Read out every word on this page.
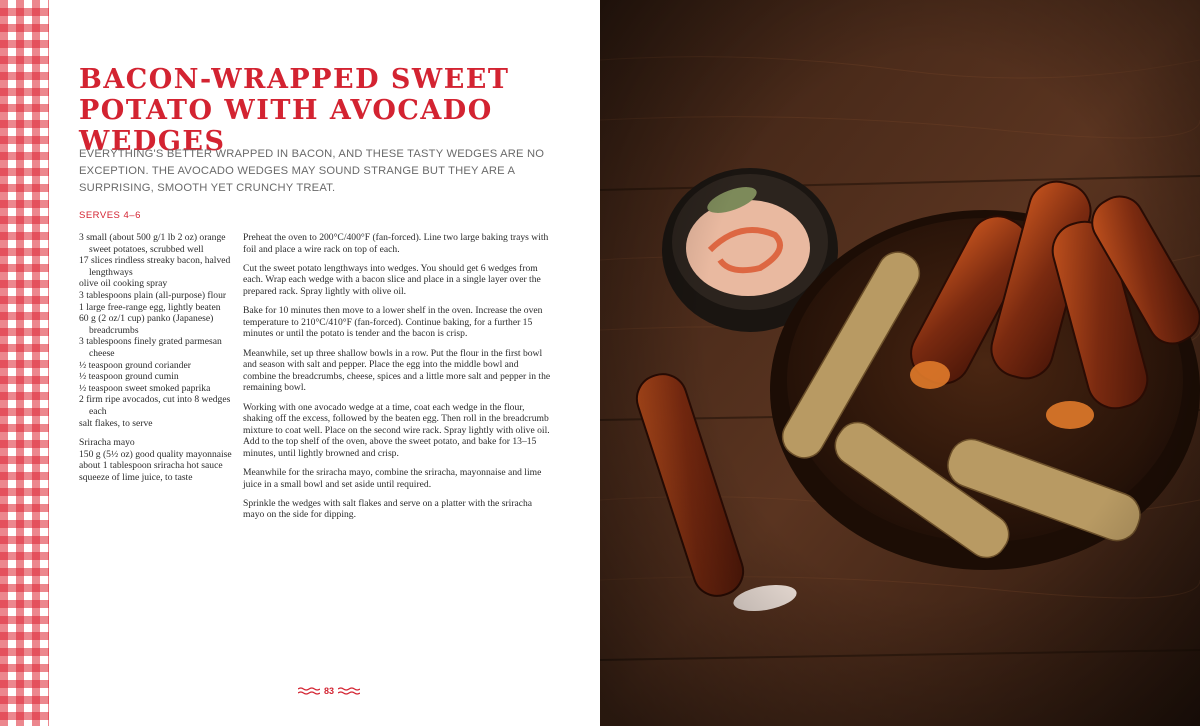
BACON-WRAPPED SWEET POTATO WITH AVOCADO WEDGES

EVERYTHING'S BETTER WRAPPED IN BACON, AND THESE TASTY WEDGES ARE NO EXCEPTION. THE AVOCADO WEDGES MAY SOUND STRANGE BUT THEY ARE A SURPRISING, SMOOTH YET CRUNCHY TREAT.

SERVES 4–6

3 small (about 500 g/1 lb 2 oz) orange sweet potatoes, scrubbed well

17 slices rindless streaky bacon, halved lengthways

olive oil cooking spray

3 tablespoons plain (all-purpose) flour

1 large free-range egg, lightly beaten

60 g (2 oz/1 cup) panko (Japanese) breadcrumbs

3 tablespoons finely grated parmesan cheese

½ teaspoon ground coriander

½ teaspoon ground cumin

½ teaspoon sweet smoked paprika

2 firm ripe avocados, cut into 8 wedges each

salt flakes, to serve

Sriracha mayo

150 g (5½ oz) good quality mayonnaise

about 1 tablespoon sriracha hot sauce

squeeze of lime juice, to taste

Preheat the oven to 200°C/400°F (fan-forced). Line two large baking trays with foil and place a wire rack on top of each.

Cut the sweet potato lengthways into wedges. You should get 6 wedges from each. Wrap each wedge with a bacon slice and place in a single layer over the prepared rack. Spray lightly with olive oil.

Bake for 10 minutes then move to a lower shelf in the oven. Increase the oven temperature to 210°C/410°F (fan-forced). Continue baking, for a further 15 minutes or until the potato is tender and the bacon is crisp.

Meanwhile, set up three shallow bowls in a row. Put the flour in the first bowl and season with salt and pepper. Place the egg into the middle bowl and combine the breadcrumbs, cheese, spices and a little more salt and pepper in the remaining bowl.

Working with one avocado wedge at a time, coat each wedge in the flour, shaking off the excess, followed by the beaten egg. Then roll in the breadcrumb mixture to coat well. Place on the second wire rack. Spray lightly with olive oil. Add to the top shelf of the oven, above the sweet potato, and bake for 13–15 minutes, until lightly browned and crisp.

Meanwhile for the sriracha mayo, combine the sriracha, mayonnaise and lime juice in a small bowl and set aside until required.

Sprinkle the wedges with salt flakes and serve on a platter with the sriracha mayo on the side for dipping.

83
